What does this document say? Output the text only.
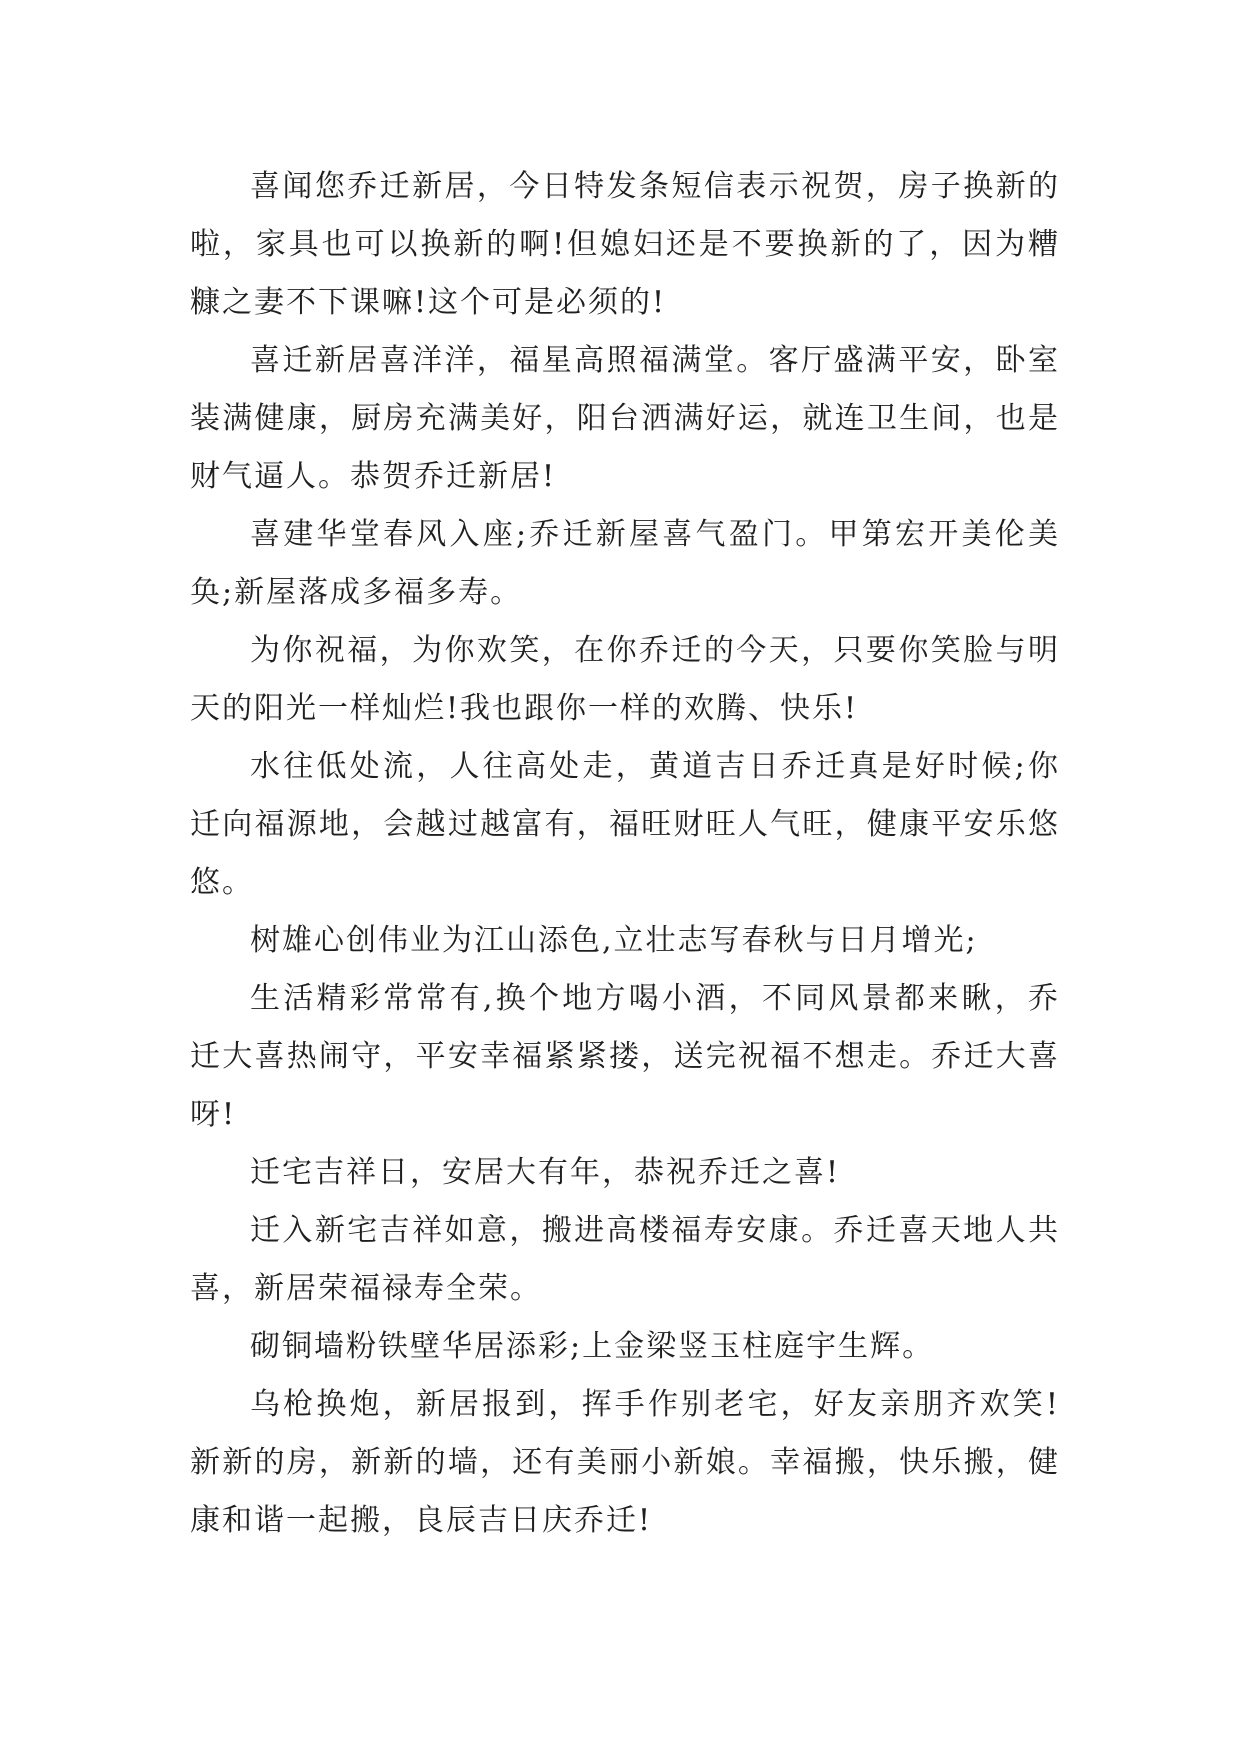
喜闻您乔迁新居，今日特发条短信表示祝贺，房子换新的啦，家具也可以换新的啊!但媳妇还是不要换新的了，因为糟糠之妻不下课嘛!这个可是必须的!

喜迁新居喜洋洋，福星高照福满堂。客厅盛满平安，卧室装满健康，厨房充满美好，阳台洒满好运，就连卫生间，也是财气逼人。恭贺乔迁新居!

喜建华堂春风入座;乔迁新屋喜气盈门。甲第宏开美伦美奂;新屋落成多福多寿。

为你祝福，为你欢笑，在你乔迁的今天，只要你笑脸与明天的阳光一样灿烂!我也跟你一样的欢腾、快乐!

水往低处流，人往高处走，黄道吉日乔迁真是好时候;你迁向福源地，会越过越富有，福旺财旺人气旺，健康平安乐悠悠。

树雄心创伟业为江山添色,立壮志写春秋与日月增光;

生活精彩常常有,换个地方喝小酒，不同风景都来瞅，乔迁大喜热闹守，平安幸福紧紧搂，送完祝福不想走。乔迁大喜呀!

迁宅吉祥日，安居大有年，恭祝乔迁之喜!

迁入新宅吉祥如意，搬进高楼福寿安康。乔迁喜天地人共喜，新居荣福禄寿全荣。

砌铜墙粉铁壁华居添彩;上金梁竖玉柱庭宇生辉。

乌枪换炮，新居报到，挥手作别老宅，好友亲朋齐欢笑!新新的房，新新的墙，还有美丽小新娘。幸福搬，快乐搬，健康和谐一起搬，良辰吉日庆乔迁!
